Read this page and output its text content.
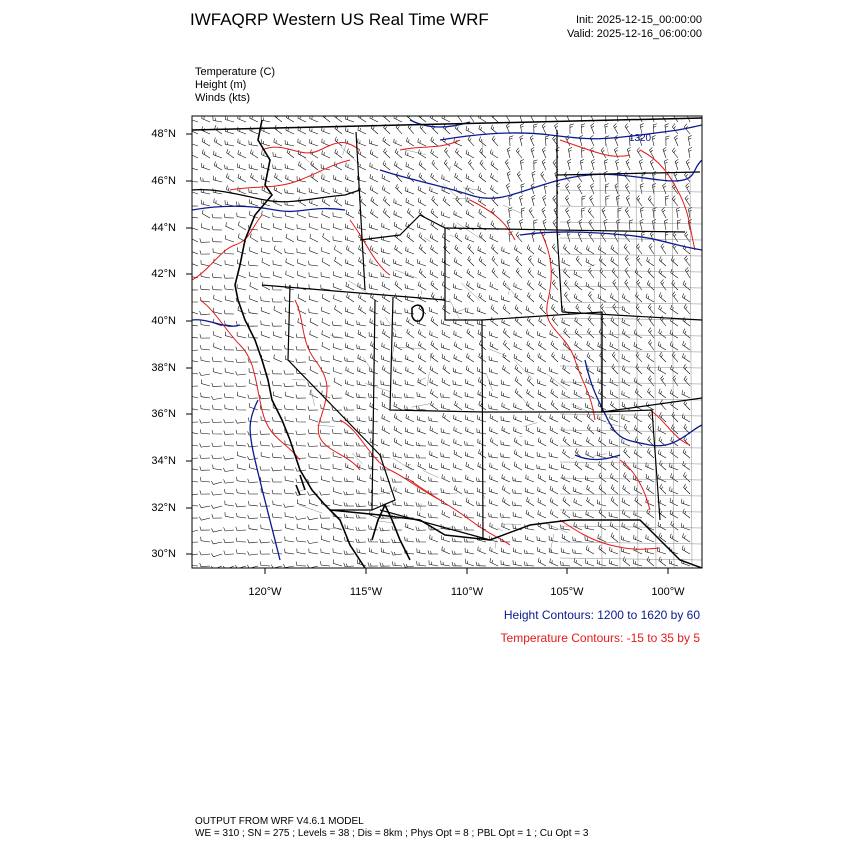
IWFAQRP Western US Real Time WRF	Init: 2025-12-15_00:00:00
Valid: 2025-12-16_06:00:00
Temperature (C)
Height (m)
Winds (kts)
1320
48°N
46°N
44°N
42°N
40°N
38°N
36°N
34°N
32°N
30°N
120°W	115°W	110°W	105°W	100°W
Height Contours: 1200 to 1620 by 60
Temperature Contours: -15 to 35 by 5
OUTPUT FROM WRF V4.6.1 MODEL
WE = 310 ; SN = 275 ; Levels = 38 ; Dis = 8km ; Phys Opt = 8 ; PBL Opt = 1 ; Cu Opt = 3
